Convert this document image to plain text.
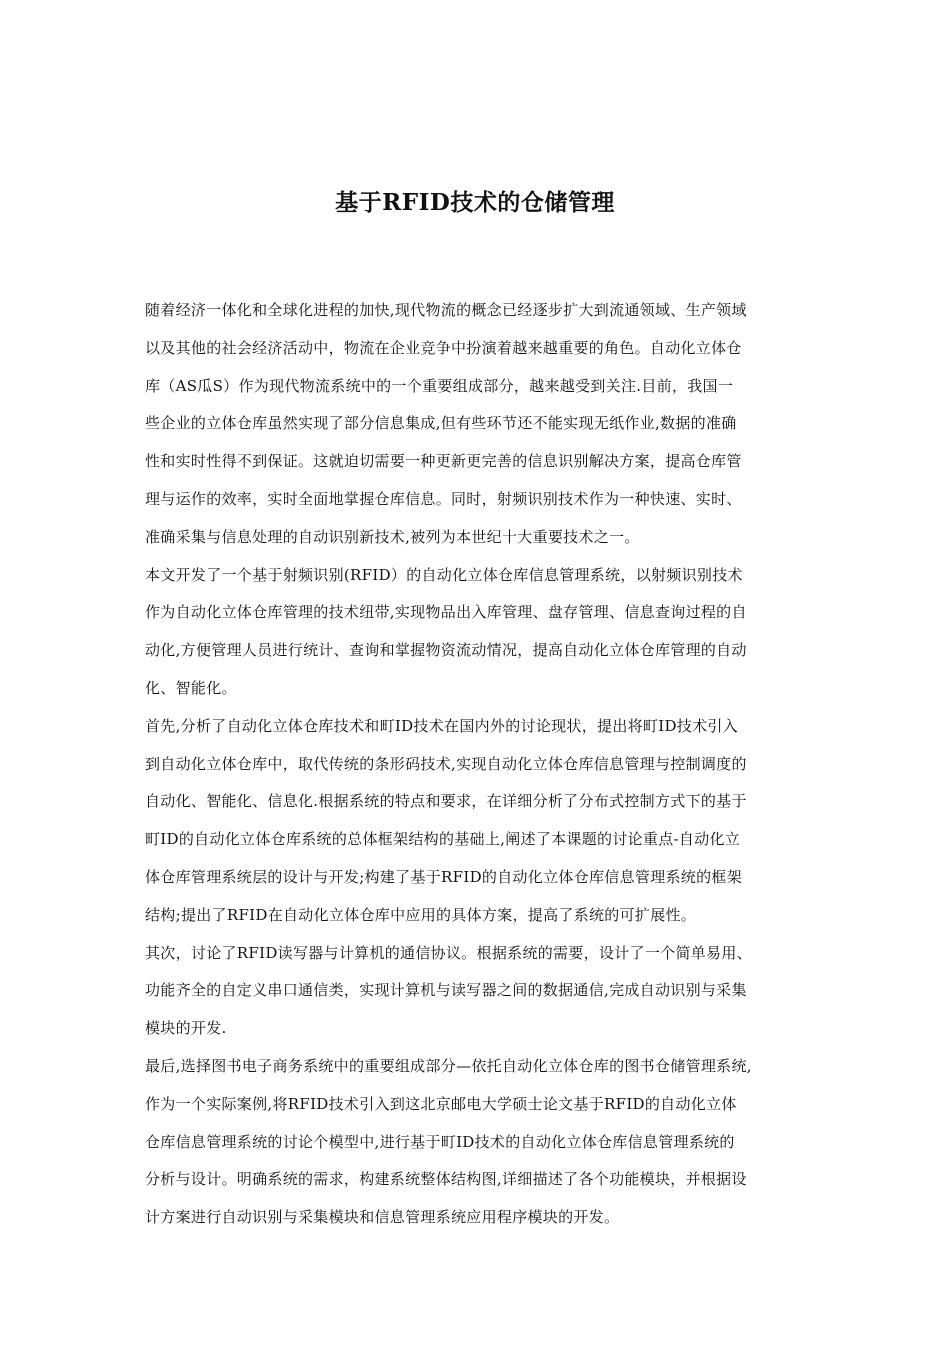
基于RFID技术的仓储管理
随着经济一体化和全球化进程的加快,现代物流的概念已经逐步扩大到流通领域、生产领域
以及其他的社会经济活动中，物流在企业竞争中扮演着越来越重要的角色。自动化立体仓
库（AS瓜S）作为现代物流系统中的一个重要组成部分，越来越受到关注.目前，我国一
些企业的立体仓库虽然实现了部分信息集成,但有些环节还不能实现无纸作业,数据的准确
性和实时性得不到保证。这就迫切需要一种更新更完善的信息识别解决方案，提高仓库管
理与运作的效率，实时全面地掌握仓库信息。同时，射频识别技术作为一种快速、实时、
准确采集与信息处理的自动识别新技术,被列为本世纪十大重要技术之一。
本文开发了一个基于射频识别(RFID）的自动化立体仓库信息管理系统，以射频识别技术
作为自动化立体仓库管理的技术纽带,实现物品出入库管理、盘存管理、信息查询过程的自
动化,方便管理人员进行统计、查询和掌握物资流动情况，提高自动化立体仓库管理的自动
化、智能化。
首先,分析了自动化立体仓库技术和町ID技术在国内外的讨论现状，提出将町ID技术引入
到自动化立体仓库中，取代传统的条形码技术,实现自动化立体仓库信息管理与控制调度的
自动化、智能化、信息化.根据系统的特点和要求，在详细分析了分布式控制方式下的基于
町ID的自动化立体仓库系统的总体框架结构的基础上,阐述了本课题的讨论重点-自动化立
体仓库管理系统层的设计与开发;构建了基于RFID的自动化立体仓库信息管理系统的框架
结构;提出了RFID在自动化立体仓库中应用的具体方案，提高了系统的可扩展性。
其次，讨论了RFID读写器与计算机的通信协议。根据系统的需要，设计了一个简单易用、
功能齐全的自定义串口通信类，实现计算机与读写器之间的数据通信,完成自动识别与采集
模块的开发.
最后,选择图书电子商务系统中的重要组成部分—依托自动化立体仓库的图书仓储管理系统,
作为一个实际案例,将RFID技术引入到这北京邮电大学硕士论文基于RFID的自动化立体
仓库信息管理系统的讨论个模型中,进行基于町ID技术的自动化立体仓库信息管理系统的
分析与设计。明确系统的需求，构建系统整体结构图,详细描述了各个功能模块，并根据设
计方案进行自动识别与采集模块和信息管理系统应用程序模块的开发。
